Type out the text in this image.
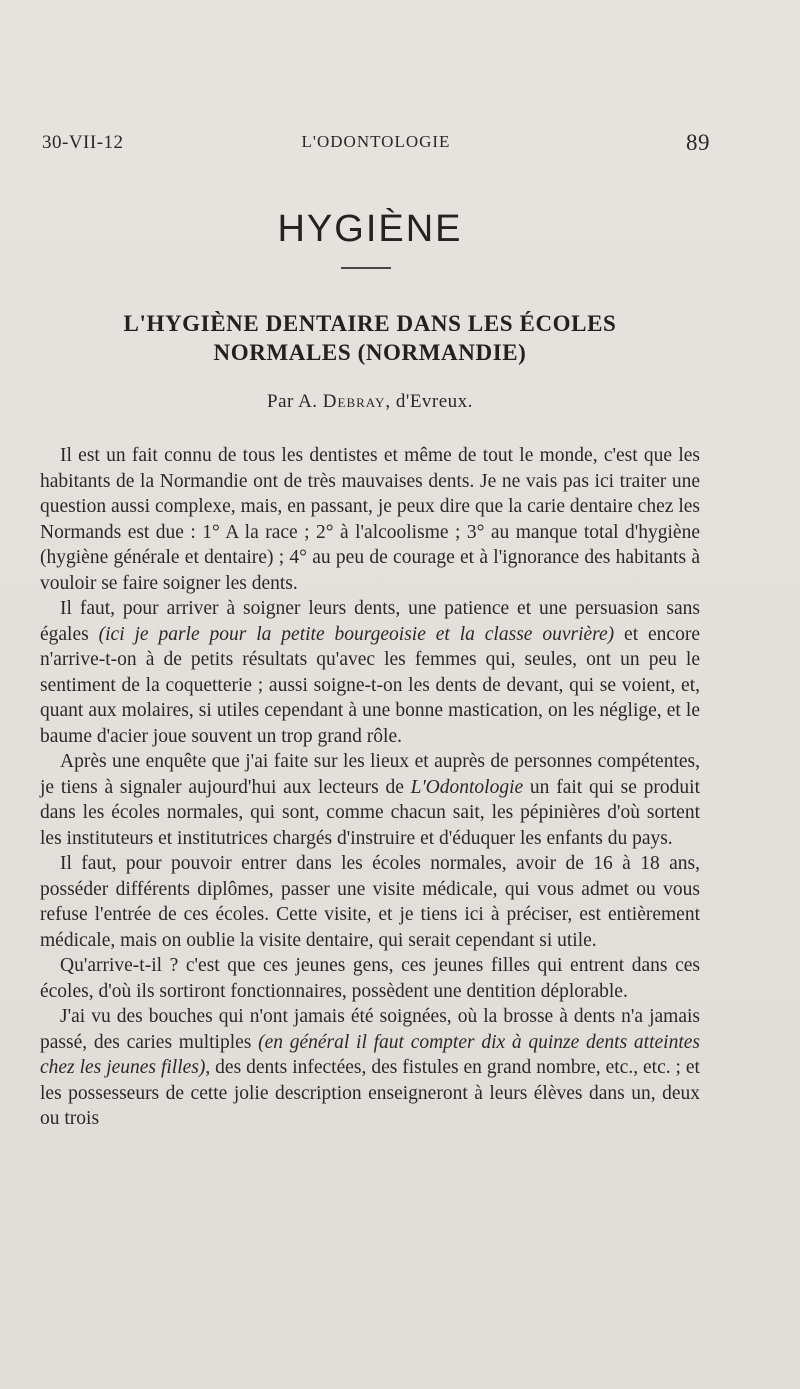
30-VII-12	L'ODONTOLOGIE	89
HYGIÈNE
L'HYGIÈNE DENTAIRE DANS LES ÉCOLES
NORMALES (NORMANDIE)
Par A. Debray, d'Evreux.

Il est un fait connu de tous les dentistes et même de tout le monde, c'est que les habitants de la Normandie ont de très mauvaises dents. Je ne vais pas ici traiter une question aussi complexe, mais, en passant, je peux dire que la carie dentaire chez les Normands est due : 1° A la race ; 2° à l'alcoolisme ; 3° au manque total d'hygiène (hygiène générale et dentaire) ; 4° au peu de courage et à l'ignorance des habitants à vouloir se faire soigner les dents.

Il faut, pour arriver à soigner leurs dents, une patience et une persuasion sans égales (ici je parle pour la petite bourgeoisie et la classe ouvrière) et encore n'arrive-t-on à de petits résultats qu'avec les femmes qui, seules, ont un peu le sentiment de la coquetterie ; aussi soigne-t-on les dents de devant, qui se voient, et, quant aux molaires, si utiles cependant à une bonne mastication, on les néglige, et le baume d'acier joue souvent un trop grand rôle.

Après une enquête que j'ai faite sur les lieux et auprès de personnes compétentes, je tiens à signaler aujourd'hui aux lecteurs de L'Odontologie un fait qui se produit dans les écoles normales, qui sont, comme chacun sait, les pépinières d'où sortent les instituteurs et institutrices chargés d'instruire et d'éduquer les enfants du pays.

Il faut, pour pouvoir entrer dans les écoles normales, avoir de 16 à 18 ans, posséder différents diplômes, passer une visite médicale, qui vous admet ou vous refuse l'entrée de ces écoles. Cette visite, et je tiens ici à préciser, est entièrement médicale, mais on oublie la visite dentaire, qui serait cependant si utile.

Qu'arrive-t-il ? c'est que ces jeunes gens, ces jeunes filles qui entrent dans ces écoles, d'où ils sortiront fonctionnaires, possèdent une dentition déplorable.

J'ai vu des bouches qui n'ont jamais été soignées, où la brosse à dents n'a jamais passé, des caries multiples (en général il faut compter dix à quinze dents atteintes chez les jeunes filles), des dents infectées, des fistules en grand nombre, etc., etc. ; et les possesseurs de cette jolie description enseigneront à leurs élèves dans un, deux ou trois
